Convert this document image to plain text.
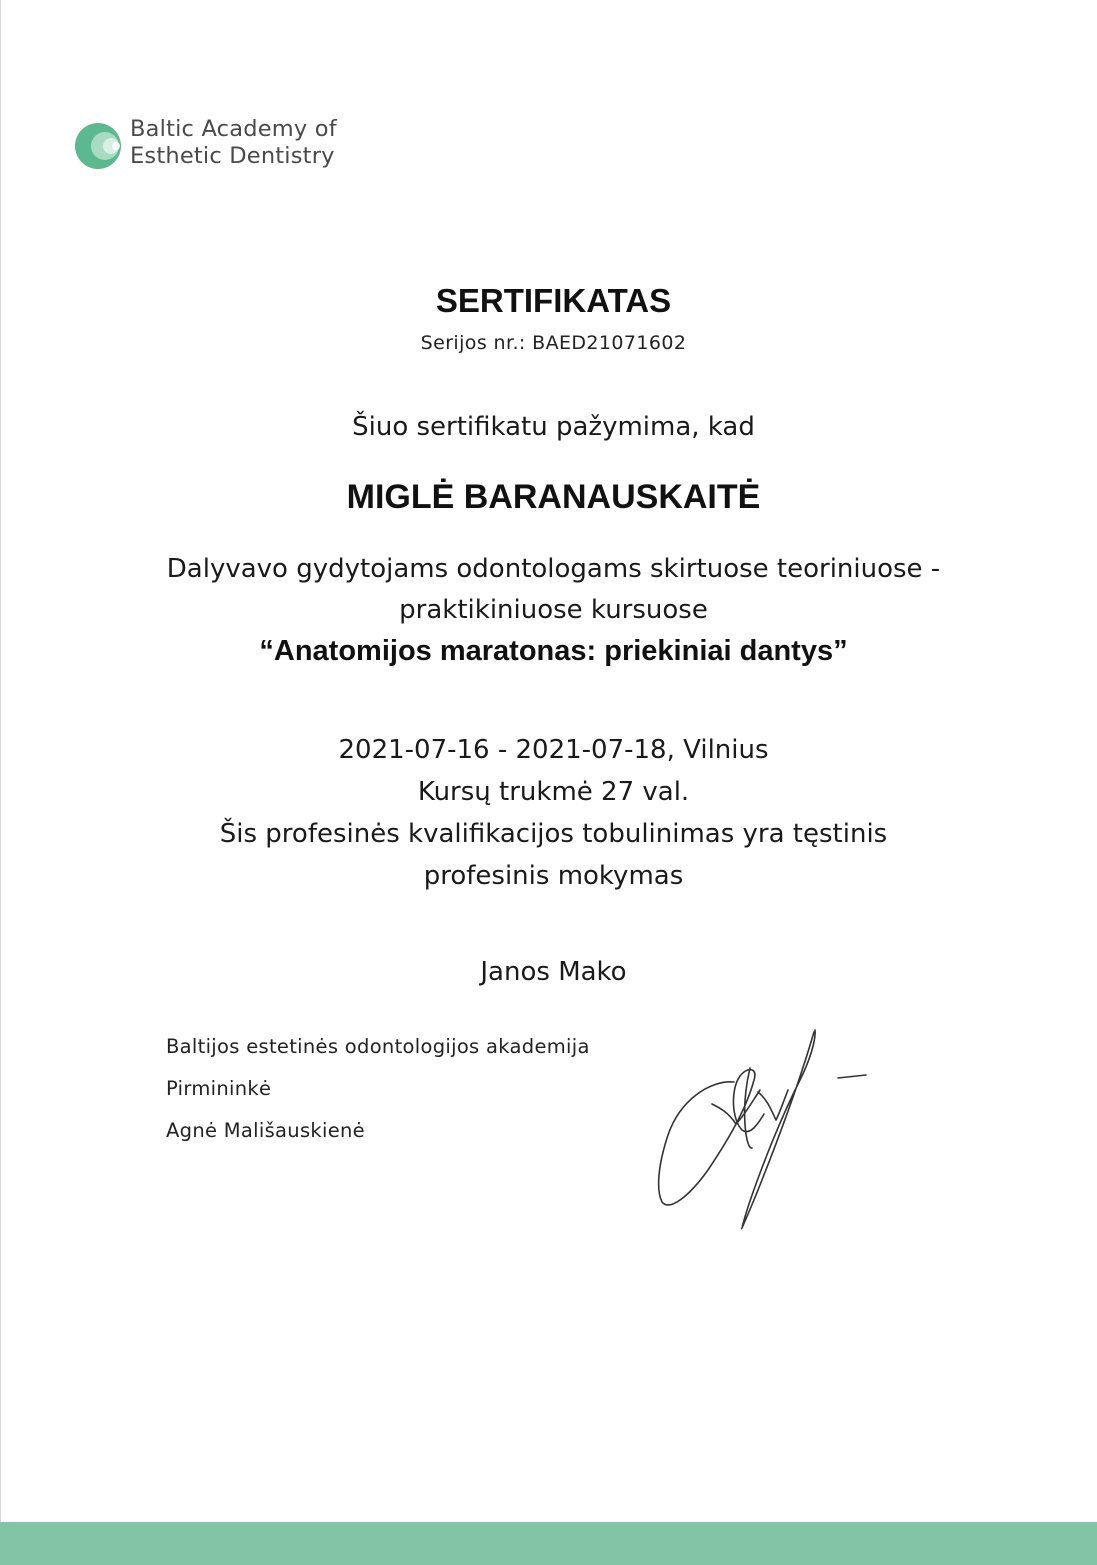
Baltic Academy of
Esthetic Dentistry
SERTIFIKATAS
Serijos nr.: BAED21071602
Šiuo sertifikatu pažymima, kad
MIGLĖ BARANAUSKAITĖ
Dalyvavo gydytojams odontologams skirtuose teoriniuose -
praktikiniuose kursuose
“Anatomijos maratonas: priekiniai dantys”
2021-07-16 - 2021-07-18, Vilnius
Kursų trukmė 27 val.
Šis profesinės kvalifikacijos tobulinimas yra tęstinis
profesinis mokymas
Janos Mako
Baltijos estetinės odontologijos akademija
Pirmininkė
Agnė Mališauskienė
